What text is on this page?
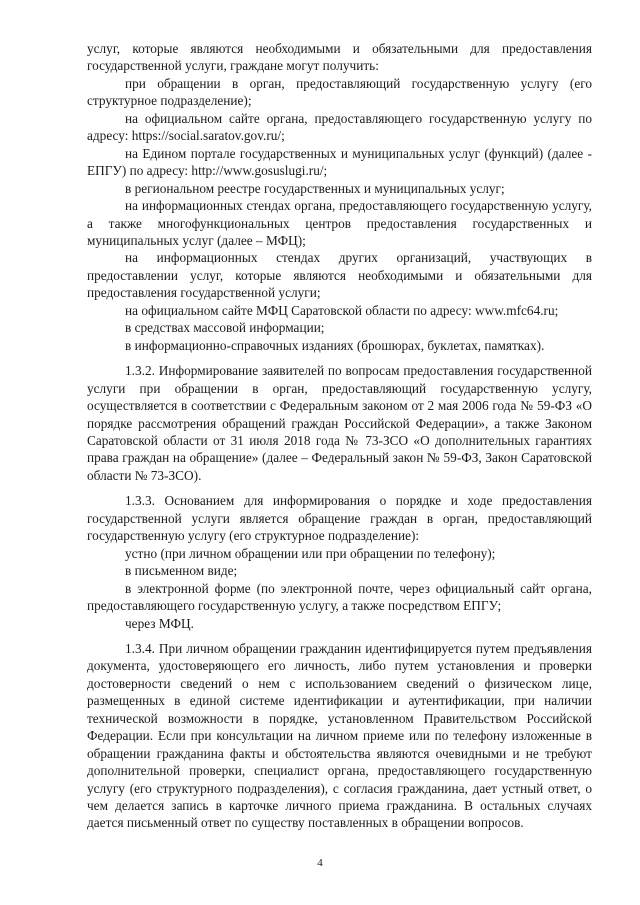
услуг, которые являются необходимыми и обязательными для предоставления государственной услуги, граждане могут получить:

при обращении в орган, предоставляющий государственную услугу (его структурное подразделение);

на официальном сайте органа, предоставляющего государственную услугу по адресу: https://social.saratov.gov.ru/;

на Едином портале государственных и муниципальных услуг (функций) (далее - ЕПГУ) по адресу: http://www.gosuslugi.ru/;

в региональном реестре государственных и муниципальных услуг;

на информационных стендах органа, предоставляющего государственную услугу, а также многофункциональных центров предоставления государственных и муниципальных услуг (далее – МФЦ);

на информационных стендах других организаций, участвующих в предоставлении услуг, которые являются необходимыми и обязательными для предоставления государственной услуги;

на официальном сайте МФЦ Саратовской области по адресу: www.mfc64.ru;

в средствах массовой информации;

в информационно-справочных изданиях (брошюрах, буклетах, памятках).

1.3.2. Информирование заявителей по вопросам предоставления государственной услуги при обращении в орган, предоставляющий государственную услугу, осуществляется в соответствии с Федеральным законом от 2 мая 2006 года № 59-ФЗ «О порядке рассмотрения обращений граждан Российской Федерации», а также Законом Саратовской области от 31 июля 2018 года № 73-ЗСО «О дополнительных гарантиях права граждан на обращение» (далее – Федеральный закон № 59-ФЗ, Закон Саратовской области № 73-ЗСО).

1.3.3. Основанием для информирования о порядке и ходе предоставления государственной услуги является обращение граждан в орган, предоставляющий государственную услугу (его структурное подразделение):

устно (при личном обращении или при обращении по телефону);

в письменном виде;

в электронной форме (по электронной почте, через официальный сайт органа, предоставляющего государственную услугу, а также посредством ЕПГУ;

через МФЦ.

1.3.4. При личном обращении гражданин идентифицируется путем предъявления документа, удостоверяющего его личность, либо путем установления и проверки достоверности сведений о нем с использованием сведений о физическом лице, размещенных в единой системе идентификации и аутентификации, при наличии технической возможности в порядке, установленном Правительством Российской Федерации. Если при консультации на личном приеме или по телефону изложенные в обращении гражданина факты и обстоятельства являются очевидными и не требуют дополнительной проверки, специалист органа, предоставляющего государственную услугу (его структурного подразделения), с согласия гражданина, дает устный ответ, о чем делается запись в карточке личного приема гражданина. В остальных случаях дается письменный ответ по существу поставленных в обращении вопросов.

4
